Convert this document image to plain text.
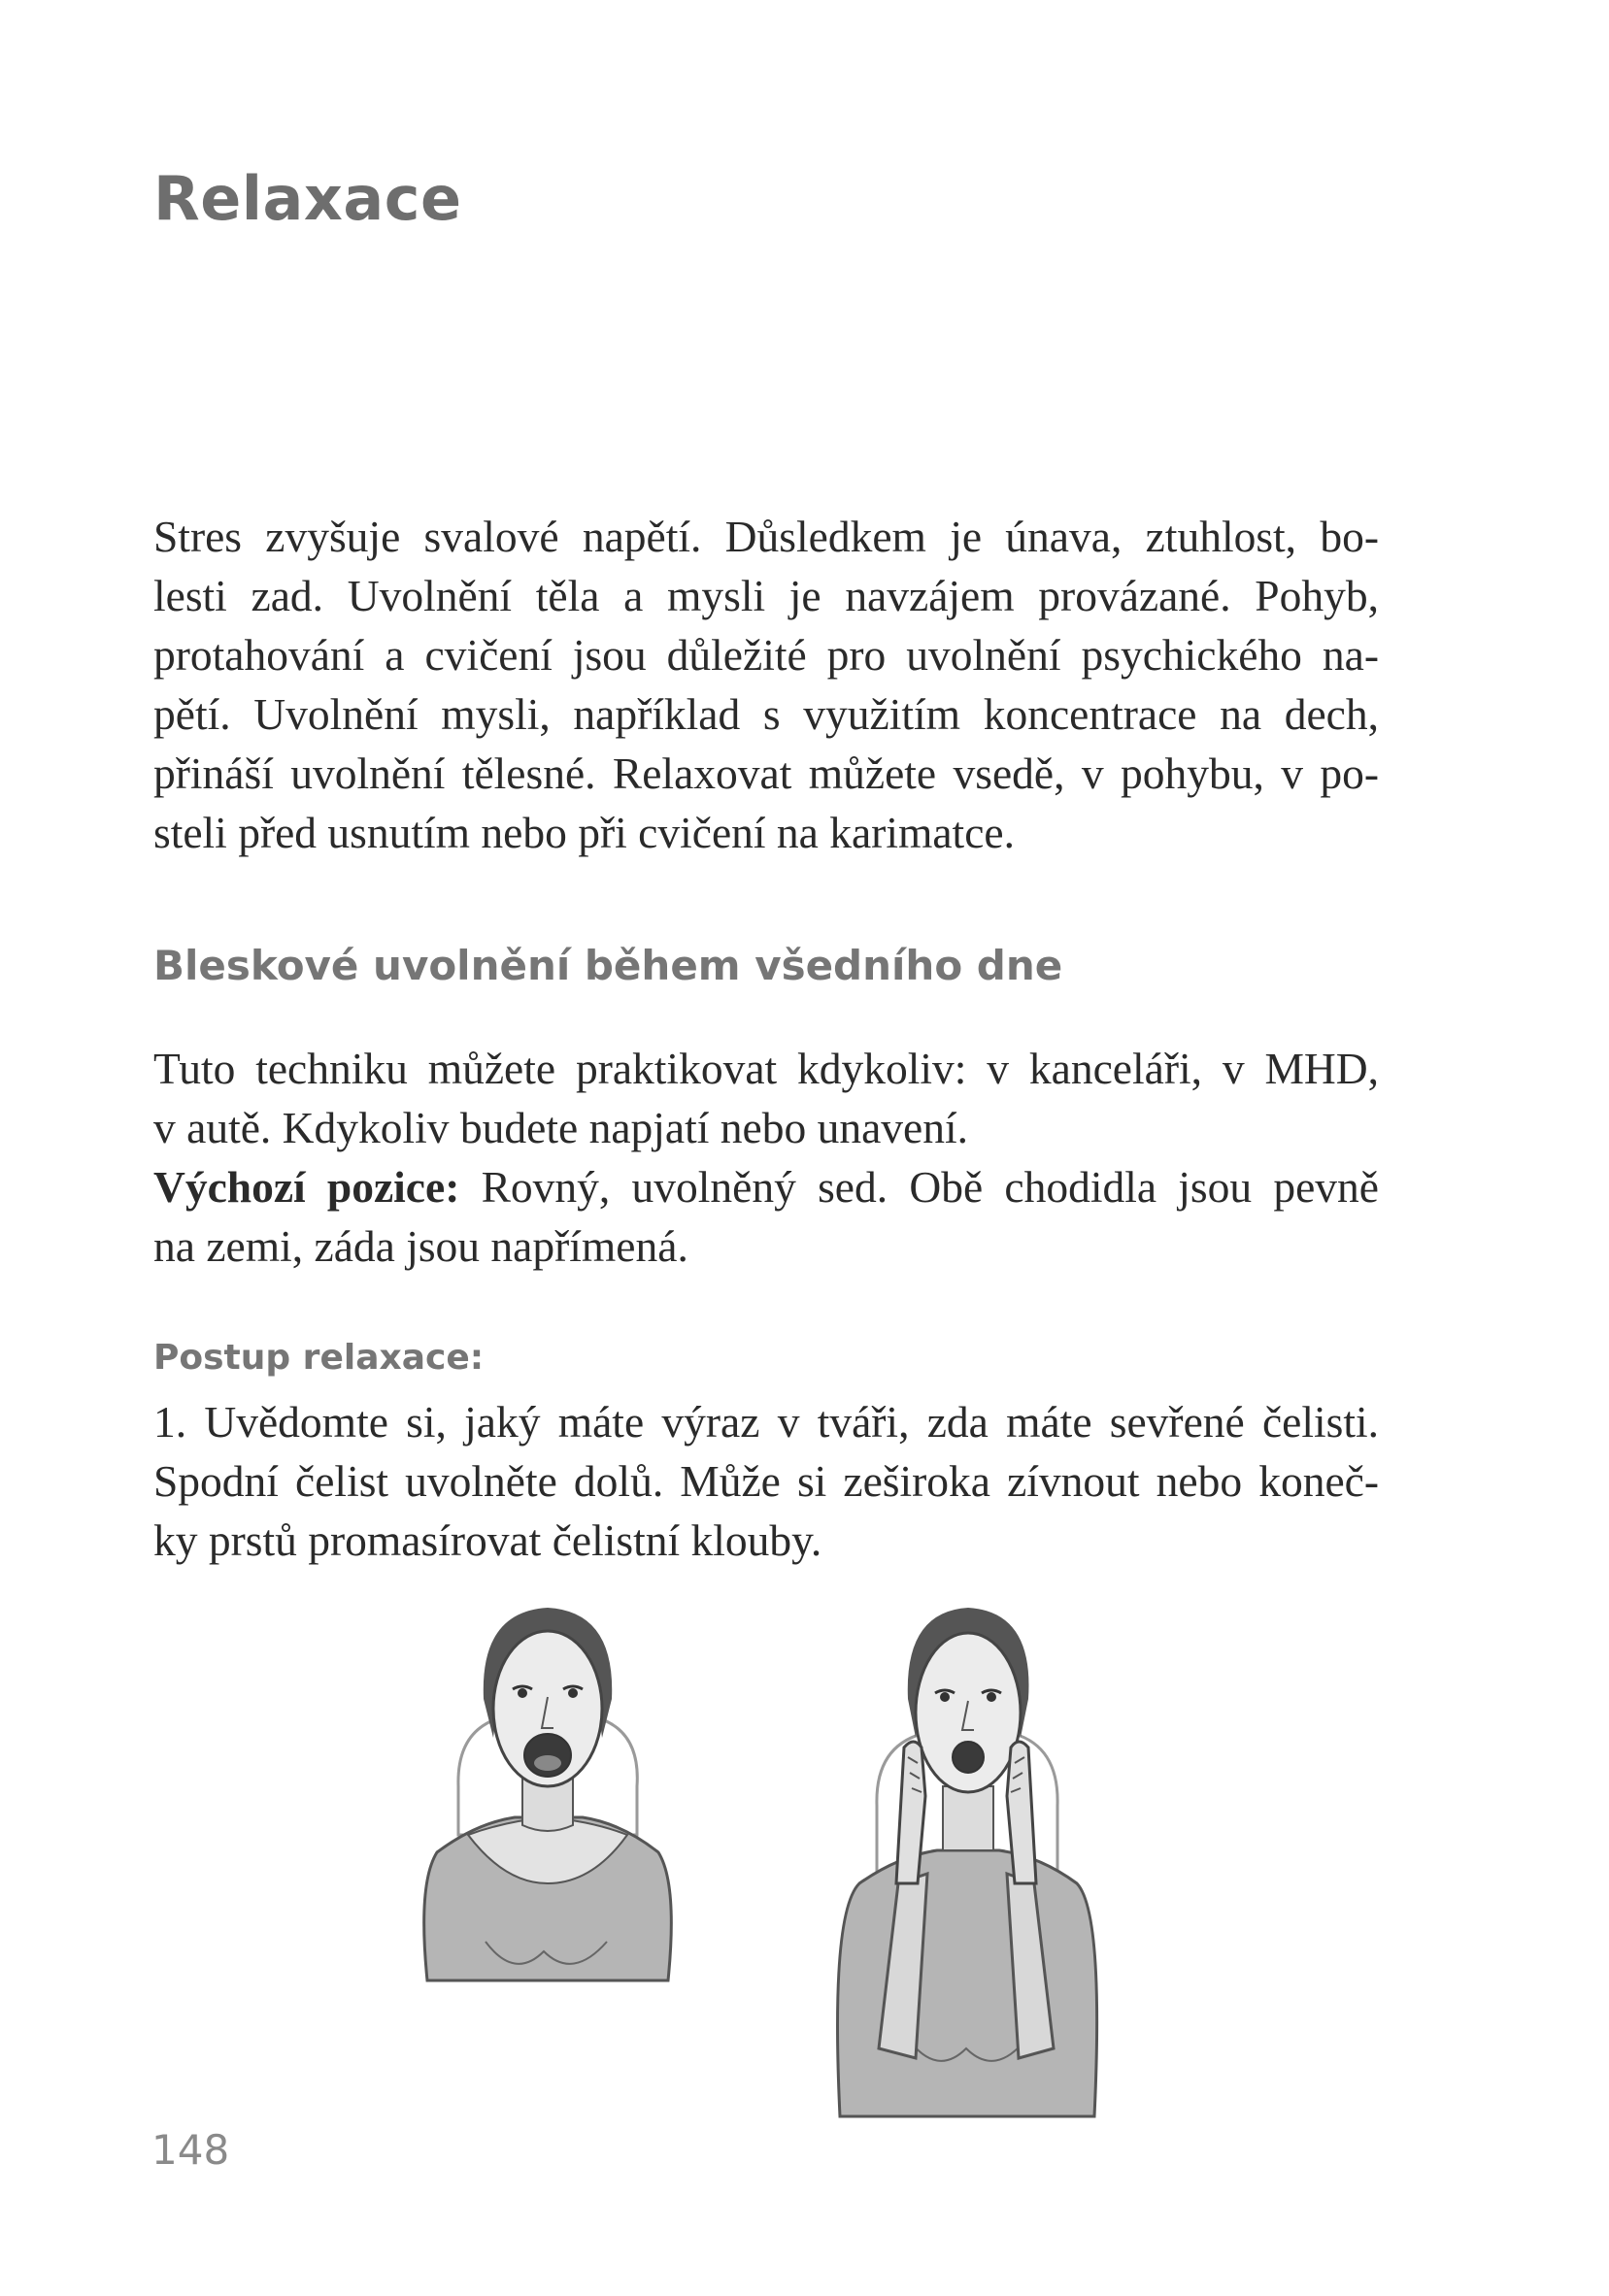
Relaxace
Stres zvyšuje svalové napětí. Důsledkem je únava, ztuhlost, bo-
lesti zad. Uvolnění těla a mysli je navzájem provázané. Pohyb,
protahování a cvičení jsou důležité pro uvolnění psychického na-
pětí. Uvolnění mysli, například s využitím koncentrace na dech,
přináší uvolnění tělesné. Relaxovat můžete vsedě, v pohybu, v po-
steli před usnutím nebo při cvičení na karimatce.
Bleskové uvolnění během všedního dne
Tuto techniku můžete praktikovat kdykoliv: v kanceláři, v MHD,
v autě. Kdykoliv budete napjatí nebo unavení.
Výchozí pozice: Rovný, uvolněný sed. Obě chodidla jsou pevně
na zemi, záda jsou napřímená.
Postup relaxace:
1. Uvědomte si, jaký máte výraz v tváři, zda máte sevřené čelisti.
Spodní čelist uvolněte dolů. Může si zeširoka zívnout nebo koneč-
ky prstů promasírovat čelistní klouby.
148
